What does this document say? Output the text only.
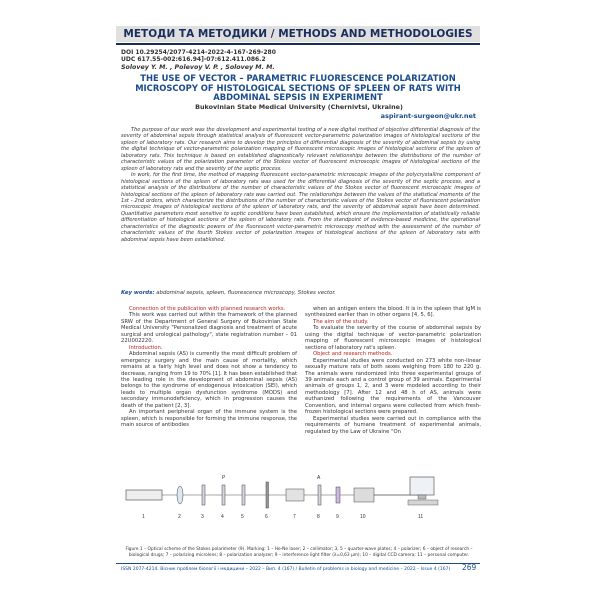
МЕТОДИ ТА МЕТОДИКИ / METHODS AND METHODOLOGIES
DOI 10.29254/2077-4214-2022-4-167-269-280
UDC 617.55-002:616.94]-07:612.411.086.2
Solovey Y. M. , Polevoy V. P. , Solovey M. M.
THE USE OF VECTOR – PARAMETRIC FLUORESCENCE POLARIZATION MICROSCOPY OF HISTOLOGICAL SECTIONS OF SPLEEN OF RATS WITH ABDOMINAL SEPSIS IN EXPERIMENT
Bukovinian State Medical University (Chernivtsi, Ukraine)
aspirant-surgeon@ukr.net

The purpose of our work was the development and experimental testing of a new digital method of objective differential diagnosis of the severity of abdominal sepsis through statistical analysis of fluorescent vector-parametric polarization images of histological sections of the spleen of laboratory rats. Our research aims to develop the principles of differential diagnosis of the severity of abdominal sepsis by using the digital technique of vector-parametric polarization mapping of fluorescent microscopic images of histological sections of the spleen of laboratory rats. This technique is based on established diagnostically relevant relationships between the distributions of the number of characteristic values of the polarization parameter of the Stokes vector of fluorescent microscopic images of histological sections of the spleen of laboratory rats and the severity of the septic process.

In work, for the first time, the method of mapping fluorescent vector-parametric microscopic images of the polycrystalline component of histological sections of the spleen of laboratory rats was used for the differential diagnosis of the severity of the septic process, and a statistical analysis of the distributions of the number of characteristic values of the Stokes vector of fluorescent microscopic images of histological sections of the spleen of laboratory rats was carried out. The relationships between the values of the statistical moments of the 1st - 2nd orders, which characterize the distributions of the number of characteristic values of the Stokes vector of fluorescent polarization microscopic images of histological sections of the spleen of laboratory rats, and the severity of abdominal sepsis have been determined. Quantitative parameters most sensitive to septic conditions have been established, which ensure the implementation of statistically reliable differentiation of histological sections of the spleen of laboratory rats. From the standpoint of evidence-based medicine, the operational characteristics of the diagnostic powers of the fluorescent vector-parametric microscopy method with the assessment of the number of characteristic values of the fourth Stokes vector of polarization images of histological sections of the spleen of laboratory rats with abdominal sepsis have been established.

Key words: abdominal sepsis, spleen, fluorescence microscopy, Stokes vector.

Connection of the publication with planned research works.

This work was carried out within the framework of the planned SRW of the Department of General Surgery of Bukovinian State Medical University "Personalized diagnosis and treatment of acute surgical and urological pathology", state registration number – 01 22U002220.

Introduction.

Abdominal sepsis (AS) is currently the most difficult problem of emergency surgery and the main cause of mortality, which remains at a fairly high level and does not show a tendency to decrease, ranging from 19 to 70% [1]. It has been established that the leading role in the development of abdominal sepsis (AS) belongs to the syndrome of endogenous intoxication (SEI), which leads to multiple organ dysfunction syndrome (MODS) and secondary immunodeficiency, which in progression causes the death of the patient [2, 3].

An important peripheral organ of the immune system is the spleen, which is responsible for forming the immune response, the main source of antibodies

when an antigen enters the blood. It is in the spleen that IgM is synthesized earlier than in other organs [4, 5, 6].

The aim of the study.

To evaluate the severity of the course of abdominal sepsis by using the digital technique of vector-parametric polarization mapping of fluorescent microscopic images of histological sections of laboratory rat's spleen.

Object and research methods.

Experimental studies were conducted on 273 white non-linear sexually mature rats of both sexes weighing from 180 to 220 g. The animals were randomized into three experimental groups of 39 animals each and a control group of 39 animals. Experimental animals of groups 1, 2, and 3 were modeled according to their methodology [7]. After 12 and 48 h of AS, animals were euthanized following the requirements of the Vancouver Convention, and internal organs were collected from which fresh-frozen histological sections were prepared.

Experimental studies were carried out in compliance with the requirements of humane treatment of experimental animals, regulated by the Law of Ukraine "On

P	A
1	2	3	4	5	6	7	8	9	10	11
Figure 1 – Optical scheme of the Stokes polarimeter (9). Marking: 1 – He-Ne laser; 2 – collimator; 3, 5 – quarter-wave plates; 4 – polarizer; 6 – object of research – biological drugs; 7 – polarizing microlens; 8 – polarization analyzer; 9 – interference light filter (λ=0,63 μm); 10 – digital CCD camera; 11 – personal computer.
ISSN 2077-4214. Вісник проблем біології і медицини – 2022 – Вип. 4 (167) / Bulletin of problems in biology and medicine – 2022 – Issue 4 (167) 269
